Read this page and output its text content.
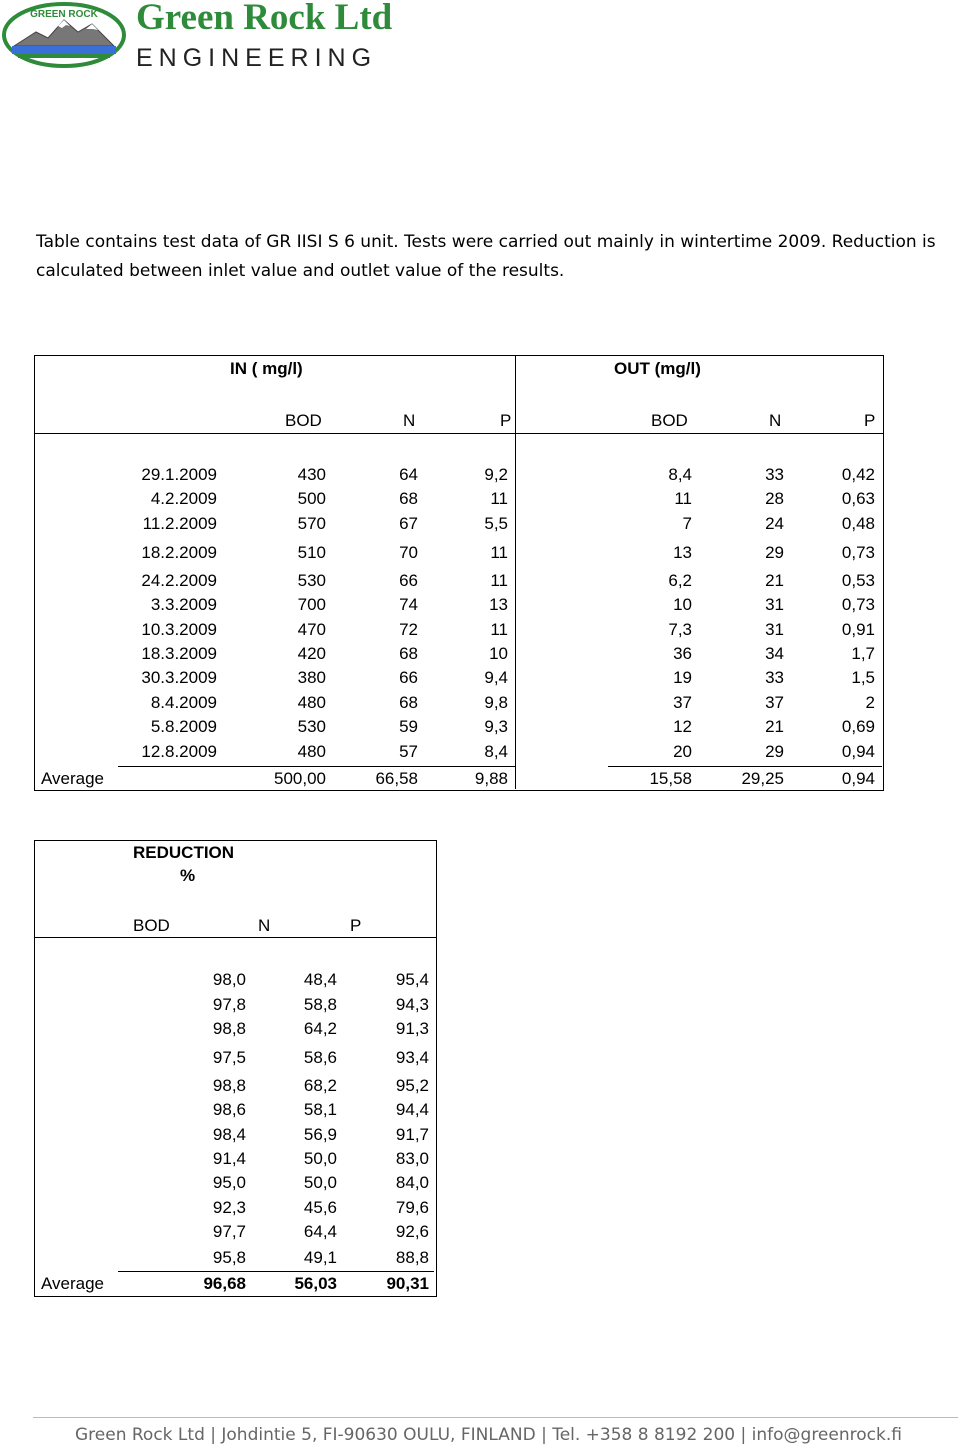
GREEN ROCK Green Rock Ltd
ENGINEERING
Table contains test data of GR IISI S 6 unit. Tests were carried out mainly in wintertime 2009. Reduction is calculated between inlet value and outlet value of the results.
IN ( mg/l)	OUT (mg/l)
BOD	N	P	BOD	N	P
29.1.2009	430	64	9,2	8,4	33	0,42
4.2.2009	500	68	11	11	28	0,63
11.2.2009	570	67	5,5	7	24	0,48
18.2.2009	510	70	11	13	29	0,73
24.2.2009	530	66	11	6,2	21	0,53
3.3.2009	700	74	13	10	31	0,73
10.3.2009	470	72	11	7,3	31	0,91
18.3.2009	420	68	10	36	34	1,7
30.3.2009	380	66	9,4	19	33	1,5
8.4.2009	480	68	9,8	37	37	2
5.8.2009	530	59	9,3	12	21	0,69
12.8.2009	480	57	8,4	20	29	0,94
Average	500,00	66,58	9,88	15,58	29,25	0,94
REDUCTION
%
BOD	N	P
98,0	48,4	95,4
97,8	58,8	94,3
98,8	64,2	91,3
97,5	58,6	93,4
98,8	68,2	95,2
98,6	58,1	94,4
98,4	56,9	91,7
91,4	50,0	83,0
95,0	50,0	84,0
92,3	45,6	79,6
97,7	64,4	92,6
95,8	49,1	88,8
Average	96,68	56,03	90,31
Green Rock Ltd | Johdintie 5, FI-90630 OULU, FINLAND | Tel. +358 8 8192 200 | info@greenrock.fi
